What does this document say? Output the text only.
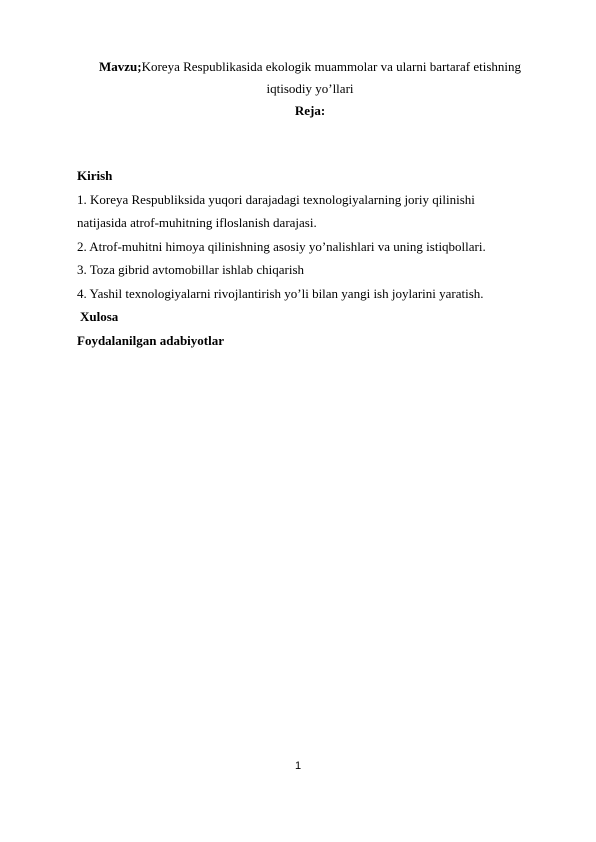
Mavzu;Koreya Respublikasida ekologik muammolar va ularni bartaraf etishning
iqtisodiy yo’llari
Reja:
Kirish
1. Koreya Respubliksida yuqori darajadagi texnologiyalarning joriy qilinishi
natijasida atrof-muhitning ifloslanish darajasi.
2. Atrof-muhitni himoya qilinishning asosiy yo’nalishlari va uning istiqbollari.
3. Toza gibrid avtomobillar ishlab chiqarish
4. Yashil texnologiyalarni rivojlantirish yo’li bilan yangi ish joylarini yaratish.
Xulosa
Foydalanilgan adabiyotlar
1
